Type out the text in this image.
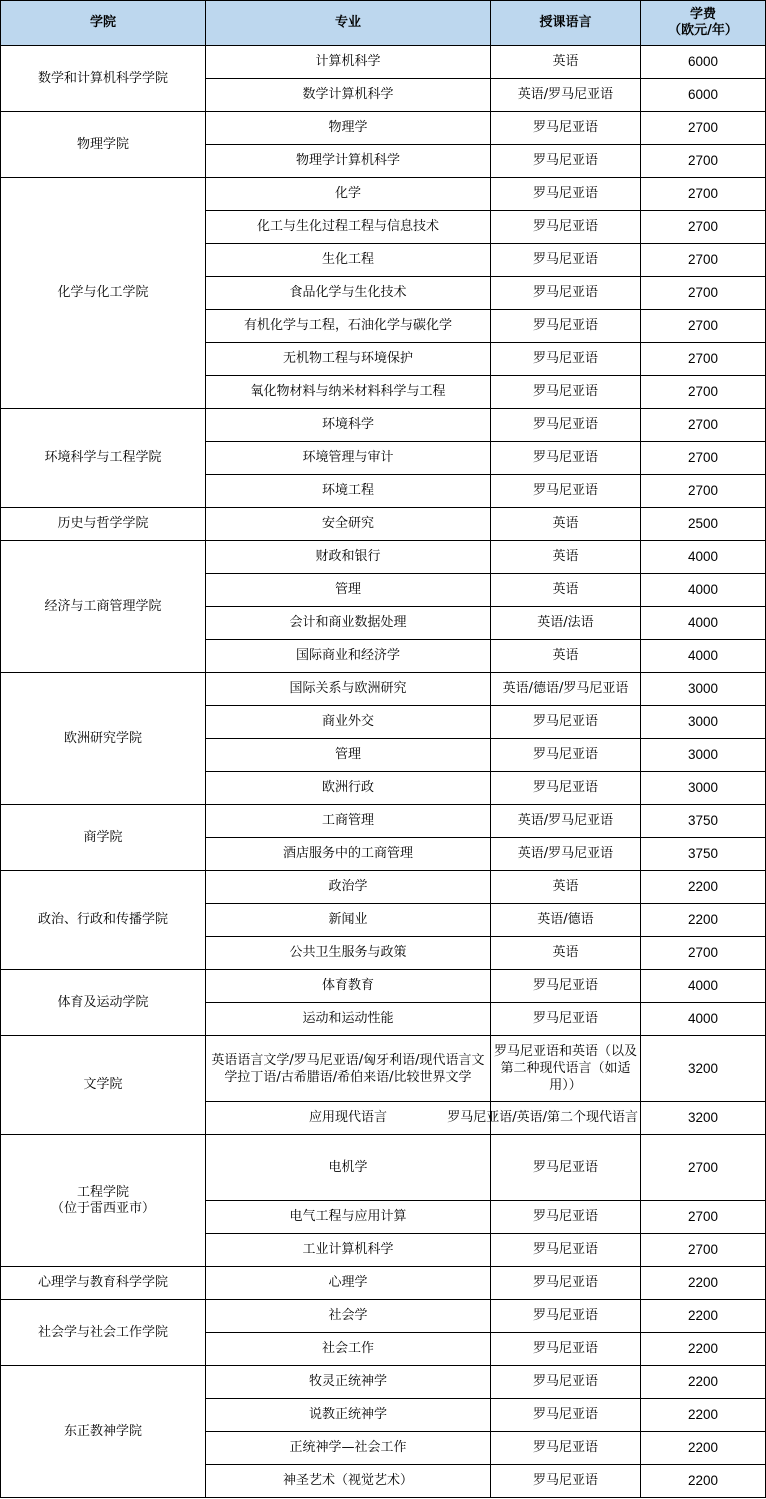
学院	专业	授课语言	学费
（欧元/年）

数学和计算机科学学院	计算机科学	英语	6000
	数学计算机科学	英语/罗马尼亚语	6000
物理学院	物理学	罗马尼亚语	2700
	物理学计算机科学	罗马尼亚语	2700
化学与化工学院	化学	罗马尼亚语	2700
	化工与生化过程工程与信息技术	罗马尼亚语	2700
	生化工程	罗马尼亚语	2700
	食品化学与生化技术	罗马尼亚语	2700
	有机化学与工程，石油化学与碳化学	罗马尼亚语	2700
	无机物工程与环境保护	罗马尼亚语	2700
	氧化物材料与纳米材料科学与工程	罗马尼亚语	2700
环境科学与工程学院	环境科学	罗马尼亚语	2700
	环境管理与审计	罗马尼亚语	2700
	环境工程	罗马尼亚语	2700
历史与哲学学院	安全研究	英语	2500
经济与工商管理学院	财政和银行	英语	4000
	管理	英语	4000
	会计和商业数据处理	英语/法语	4000
	国际商业和经济学	英语	4000
欧洲研究学院	国际关系与欧洲研究	英语/德语/罗马尼亚语	3000
	商业外交	罗马尼亚语	3000
	管理	罗马尼亚语	3000
	欧洲行政	罗马尼亚语	3000
商学院	工商管理	英语/罗马尼亚语	3750
	酒店服务中的工商管理	英语/罗马尼亚语	3750
政治、行政和传播学院	政治学	英语	2200
	新闻业	英语/德语	2200
	公共卫生服务与政策	英语	2700
体育及运动学院	体育教育	罗马尼亚语	4000
	运动和运动性能	罗马尼亚语	4000
文学院	英语语言文学/罗马尼亚语/匈牙利语/现代语言文学拉丁语/古希腊语/希伯来语/比较世界文学	罗马尼亚语和英语（以及第二种现代语言（如适用））	3200
	应用现代语言	罗马尼亚语/英语/第二个现代语言	3200

工程学院
（位于雷西亚市）	电机学	罗马尼亚语	2700
	电气工程与应用计算	罗马尼亚语	2700
	工业计算机科学	罗马尼亚语	2700
心理学与教育科学学院	心理学	罗马尼亚语	2200
社会学与社会工作学院	社会学	罗马尼亚语	2200
	社会工作	罗马尼亚语	2200
东正教神学院	牧灵正统神学	罗马尼亚语	2200
	说教正统神学	罗马尼亚语	2200
	正统神学—社会工作	罗马尼亚语	2200
	神圣艺术（视觉艺术）	罗马尼亚语	2200
